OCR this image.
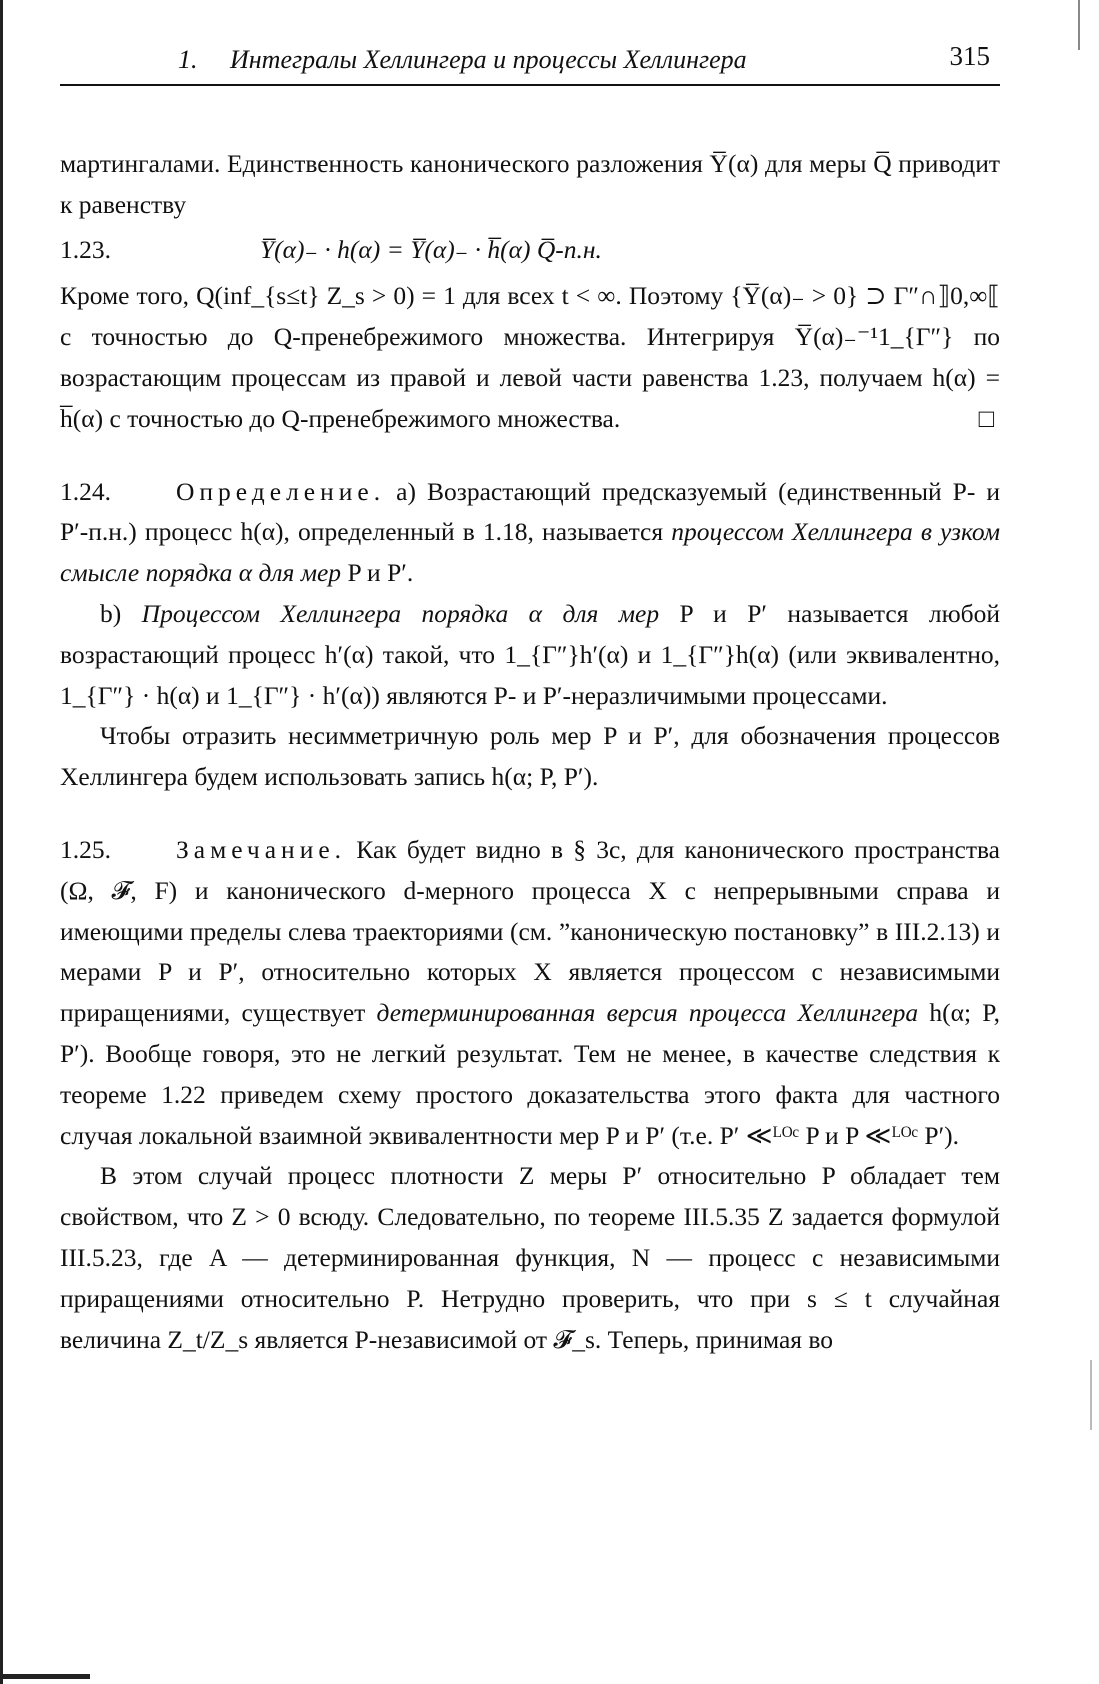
1. Интегралы Хеллингера и процессы Хеллингера	315

мартингалами. Единственность канонического разложения Y̅(α) для меры Q̅ приводит к равенству

1.23.	Y̅(α)₋ · h(α) = Y̅(α)₋ · h̅(α) Q̅-п.н.

Кроме того, Q(inf_{s≤t} Z_s > 0) = 1 для всех t < ∞. Поэтому {Y̅(α)₋ > 0} ⊃ Γ″∩⟧0,∞⟦ с точностью до Q-пренебрежимого множества. Интегрируя Y̅(α)₋⁻¹1_{Γ″} по возрастающим процессам из правой и левой части равенства 1.23, получаем h(α) = h̅(α) с точностью до Q-пренебрежимого множества.	□

1.24.	Определение. a) Возрастающий предсказуемый (единственный P- и P′-п.н.) процесс h(α), определенный в 1.18, называется процессом Хеллингера в узком смысле порядка α для мер P и P′.

b) Процессом Хеллингера порядка α для мер P и P′ называется любой возрастающий процесс h′(α) такой, что 1_{Γ″}h′(α) и 1_{Γ″}h(α) (или эквивалентно, 1_{Γ″} · h(α) и 1_{Γ″} · h′(α)) являются P- и P′-неразличимыми процессами.

Чтобы отразить несимметричную роль мер P и P′, для обозначения процессов Хеллингера будем использовать запись h(α; P, P′).

1.25.	Замечание. Как будет видно в § 3c, для канонического пространства (Ω, 𝓕, F) и канонического d-мерного процесса X с непрерывными справа и имеющими пределы слева траекториями (см. ”каноническую постановку” в III.2.13) и мерами P и P′, относительно которых X является процессом с независимыми приращениями, существует детерминированная версия процесса Хеллингера h(α; P, P′). Вообще говоря, это не легкий результат. Тем не менее, в качестве следствия к теореме 1.22 приведем схему простого доказательства этого факта для частного случая локальной взаимной эквивалентности мер P и P′ (т.е. P′ ≪ᴸᴼᶜ P и P ≪ᴸᴼᶜ P′).

В этом случай процесс плотности Z меры P′ относительно P обладает тем свойством, что Z > 0 всюду. Следовательно, по теореме III.5.35 Z задается формулой III.5.23, где A — детерминированная функция, N — процесс с независимыми приращениями относительно P. Нетрудно проверить, что при s ≤ t случайная величина Z_t/Z_s является P-независимой от 𝓕_s. Теперь, принимая во
